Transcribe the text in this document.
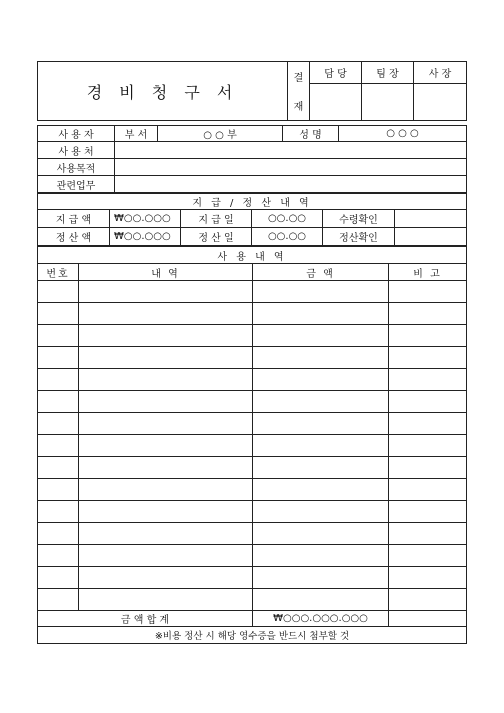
경 비 청 구 서	결
재	담 당	팀 장	사 장

사 용 자	부 서	○ ○ 부	성 명	○ ○ ○
사 용 처				
사용목적				
관련업무				
지 급 / 정 산 내 역					
지 급 액	₩○○.○○○	지 급 일	○○.○○	수령확인	
정 산 액	₩○○.○○○	정 산 일	○○.○○	정산확인	
사 용 내 역			
번호	내 역	금 액	비 고

금 액 합 계		₩○○○.○○○.○○○	
※비용 정산 시 해당 영수증을 반드시 첨부할 것			
